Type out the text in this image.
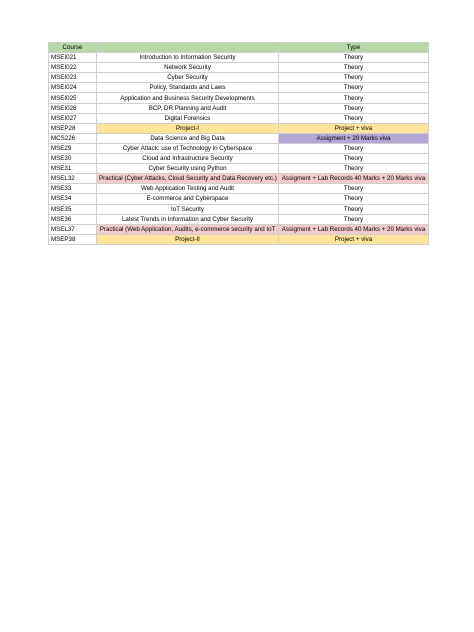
Course		Type
MSEI021	Introduction to Information Security	Theory
MSEI022	Network Security	Theory
MSEI023	Cyber Security	Theory
MSEI024	Policy, Standards and Laws	Theory
MSEI025	Application and Business Security Developments	Theory
MSEI026	BCP, DR Planning and Audit	Theory
MSEI027	Digital Forensics	Theory
MSEP28	Project-I	Project + viva
MCS226	Data Science and Big Data	Assigment + 20 Marks viva
MSE29	Cyber Attack: use of Technology in Cyberspace	Theory
MSE30	Cloud and Infrastructure Security	Theory
MSE31	Cyber Security using Python	Theory
MSEL32	Practical (Cyber Attacks, Cloud Security and Data Recovery etc.)	Assigment + Lab Records 40 Marks + 20 Marks viva
MSE33	Web Application Testing and Audit	Theory
MSE34	E-commerce and Cyberspace	Theory
MSE35	IoT Security	Theory
MSE36	Latest Trends in Information and Cyber Security	Theory
MSEL37	Practical (Web Application, Audits, e-commerce security and IoT	Assigment + Lab Records 40 Marks + 20 Marks viva
MSEP38	Project-II	Project + viva
